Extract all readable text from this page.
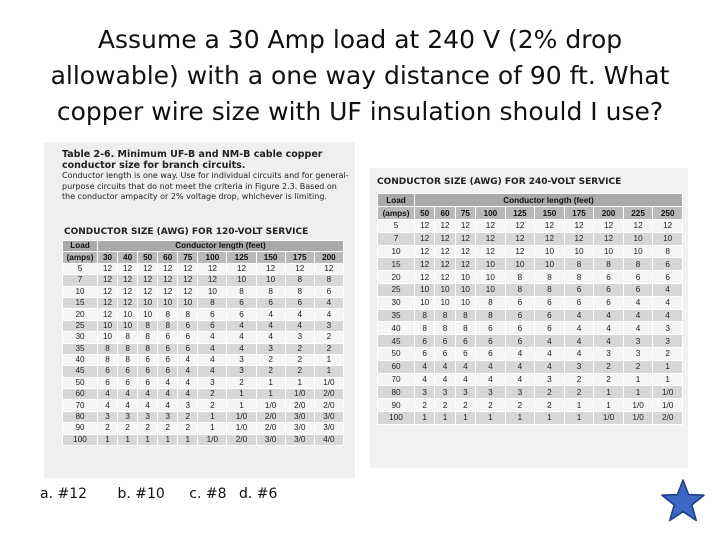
Assume a 30 Amp load at 240 V (2% drop
allowable) with a one way distance of 90 ft. What
copper wire size with UF insulation should I use?
Table 2-6. Minimum UF-B and NM-B cable copper conductor size for branch circuits.
Conductor length is one way. Use for individual circuits and for general-purpose circuits that do not meet the criteria in Figure 2.3. Based on the conductor ampacity or 2% voltage drop, whichever is limiting.
CONDUCTOR SIZE (AWG) FOR 120-VOLT SERVICE
CONDUCTOR SIZE (AWG) FOR 240-VOLT SERVICE
Load	Conductor length (feet)									
(amps)	30	40	50	60	75	100	125	150	175	200
5	12	12	12	12	12	12	12	12	12	12
7	12	12	12	12	12	12	10	10	8	8
10	12	12	12	12	12	10	8	8	8	6
15	12	12	10	10	10	8	6	6	6	4
20	12	10	10	8	8	6	6	4	4	4
25	10	10	8	8	6	6	4	4	4	3
30	10	8	8	6	6	4	4	4	3	2
35	8	8	8	6	6	4	4	3	2	2
40	8	8	6	6	4	4	3	2	2	1
45	6	6	6	6	4	4	3	2	2	1
50	6	6	6	4	4	3	2	1	1	1/0
60	4	4	4	4	4	2	1	1	1/0	2/0
70	4	4	4	4	3	2	1	1/0	2/0	2/0
80	3	3	3	3	2	1	1/0	2/0	3/0	3/0
90	2	2	2	2	2	1	1/0	2/0	3/0	3/0
100	1	1	1	1	1	1/0	2/0	3/0	3/0	4/0
Load	Conductor length (feet)									
(amps)	50	60	75	100	125	150	175	200	225	250
5	12	12	12	12	12	12	12	12	12	12
7	12	12	12	12	12	12	12	12	10	10
10	12	12	12	12	12	10	10	10	10	8
15	12	12	12	10	10	10	8	8	8	6
20	12	12	10	10	8	8	8	6	6	6
25	10	10	10	10	8	8	6	6	6	4
30	10	10	10	8	6	6	6	6	4	4
35	8	8	8	8	6	6	4	4	4	4
40	8	8	8	6	6	6	4	4	4	3
45	6	6	6	6	6	4	4	4	3	3
50	6	6	6	6	4	4	4	3	3	2
60	4	4	4	4	4	4	3	2	2	1
70	4	4	4	4	4	3	2	2	1	1
80	3	3	3	3	3	2	2	1	1	1/0
90	2	2	2	2	2	2	1	1	1/0	1/0
100	1	1	1	1	1	1	1	1/0	1/0	2/0
a. #12 b. #10 c. #8 d. #6
